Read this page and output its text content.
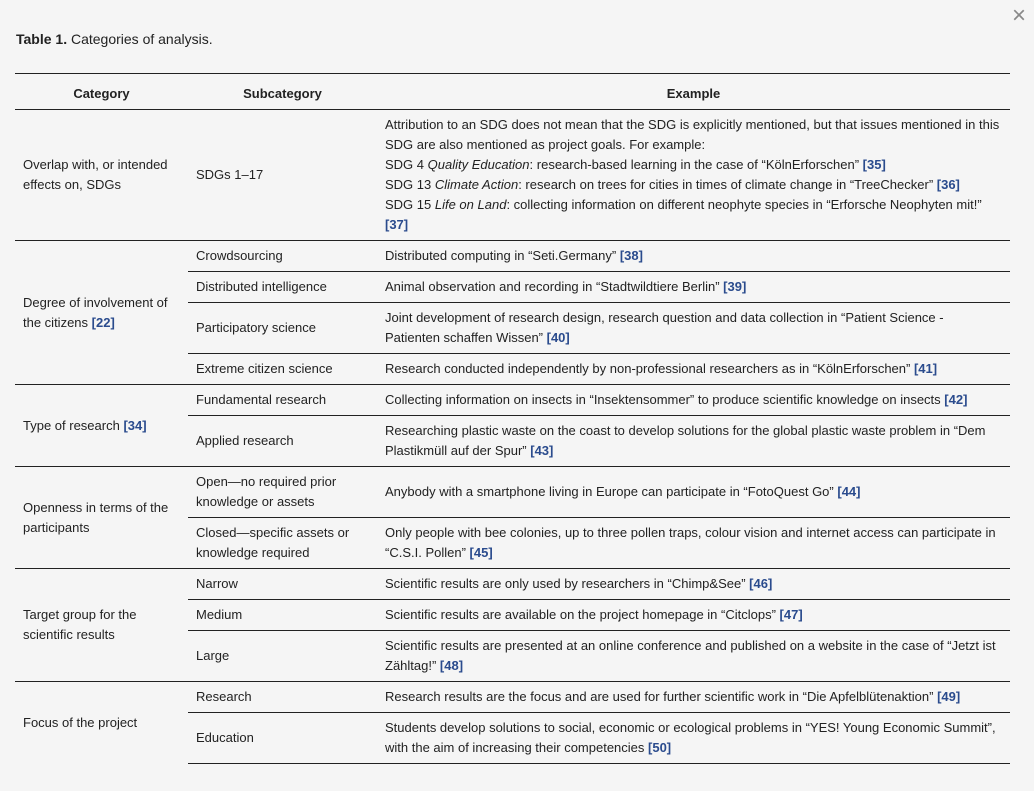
×
Table 1. Categories of analysis.
Category	Subcategory	Example
Overlap with, or intended effects on, SDGs	SDGs 1–17	Attribution to an SDG does not mean that the SDG is explicitly mentioned, but that issues mentioned in this SDG are also mentioned as project goals. For example:
SDG 4 Quality Education: research-based learning in the case of “KölnErforschen” [35]
SDG 13 Climate Action: research on trees for cities in times of climate change in “TreeChecker” [36]
SDG 15 Life on Land: collecting information on different neophyte species in “Erforsche Neophyten mit!” [37]

Degree of involvement of the citizens [22]	Crowdsourcing	Distributed computing in “Seti.Germany” [38]

	Distributed intelligence	Animal observation and recording in “Stadtwildtiere Berlin” [39]

	Participatory science	Joint development of research design, research question and data collection in “Patient Science - Patienten schaffen Wissen” [40]

	Extreme citizen science	Research conducted independently by non-professional researchers as in “KölnErforschen” [41]

Type of research [34]	Fundamental research	Collecting information on insects in “Insektensommer” to produce scientific knowledge on insects [42]

	Applied research	Researching plastic waste on the coast to develop solutions for the global plastic waste problem in “Dem Plastikmüll auf der Spur” [43]

Openness in terms of the participants	Open—no required prior knowledge or assets	Anybody with a smartphone living in Europe can participate in “FotoQuest Go” [44]

	Closed—specific assets or knowledge required	Only people with bee colonies, up to three pollen traps, colour vision and internet access can participate in “C.S.I. Pollen” [45]

Target group for the scientific results	Narrow	Scientific results are only used by researchers in “Chimp&See” [46]

	Medium	Scientific results are available on the project homepage in “Citclops” [47]

	Large	Scientific results are presented at an online conference and published on a website in the case of “Jetzt ist Zähltag!” [48]

Focus of the project	Research	Research results are the focus and are used for further scientific work in “Die Apfelblütenaktion” [49]

	Education	Students develop solutions to social, economic or ecological problems in “YES! Young Economic Summit”, with the aim of increasing their competencies [50]
